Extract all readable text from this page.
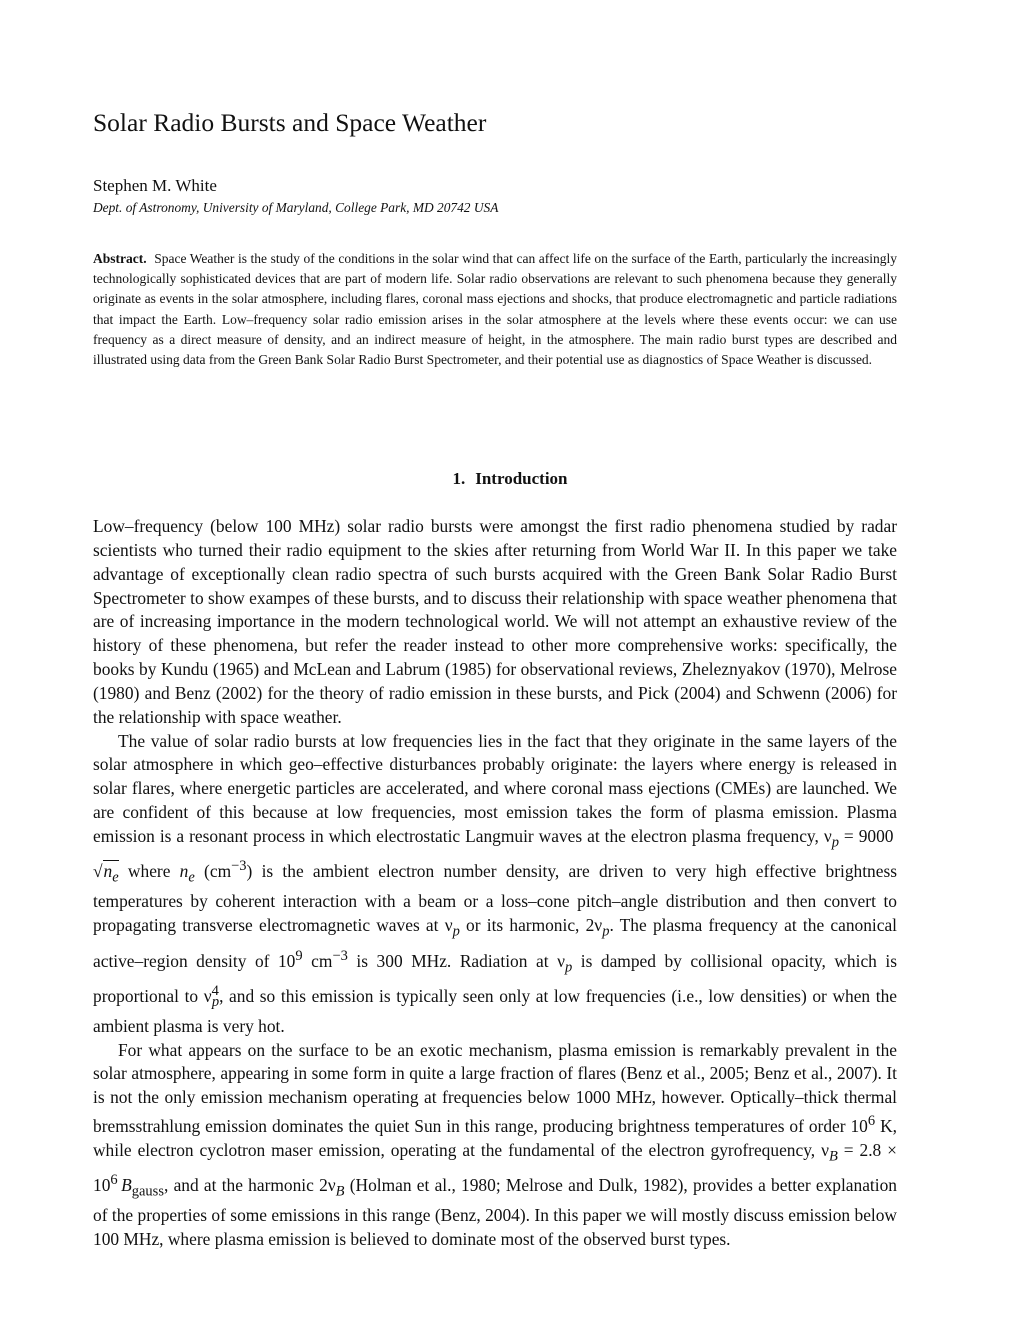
Solar Radio Bursts and Space Weather
Stephen M. White
Dept. of Astronomy, University of Maryland, College Park, MD 20742 USA

Abstract. Space Weather is the study of the conditions in the solar wind that can affect life on the surface of the Earth, particularly the increasingly technologically sophisticated devices that are part of modern life. Solar radio observations are relevant to such phenomena because they generally originate as events in the solar atmosphere, including flares, coronal mass ejections and shocks, that produce electromagnetic and particle radiations that impact the Earth. Low–frequency solar radio emission arises in the solar atmosphere at the levels where these events occur: we can use frequency as a direct measure of density, and an indirect measure of height, in the atmosphere. The main radio burst types are described and illustrated using data from the Green Bank Solar Radio Burst Spectrometer, and their potential use as diagnostics of Space Weather is discussed.

1. Introduction

Low–frequency (below 100 MHz) solar radio bursts were amongst the first radio phenomena studied by radar scientists who turned their radio equipment to the skies after returning from World War II. In this paper we take advantage of exceptionally clean radio spectra of such bursts acquired with the Green Bank Solar Radio Burst Spectrometer to show exampes of these bursts, and to discuss their relationship with space weather phenomena that are of increasing importance in the modern technological world. We will not attempt an exhaustive review of the history of these phenomena, but refer the reader instead to other more comprehensive works: specifically, the books by Kundu (1965) and McLean and Labrum (1985) for observational reviews, Zheleznyakov (1970), Melrose (1980) and Benz (2002) for the theory of radio emission in these bursts, and Pick (2004) and Schwenn (2006) for the relationship with space weather.

The value of solar radio bursts at low frequencies lies in the fact that they originate in the same layers of the solar atmosphere in which geo–effective disturbances probably originate: the layers where energy is released in solar flares, where energetic particles are accelerated, and where coronal mass ejections (CMEs) are launched. We are confident of this because at low frequencies, most emission takes the form of plasma emission. Plasma emission is a resonant process in which electrostatic Langmuir waves at the electron plasma frequency, $\nu_p = 9000$ √ $n_e$ where $n_e$ $(cm^{-3})$ is the ambient electron number density, are driven to very high effective brightness temperatures by coherent interaction with a beam or a loss–cone pitch–angle distribution and then convert to propagating transverse electromagnetic waves at $\nu_p$ or its harmonic, $2\nu_p$. The plasma frequency at the canonical active–region density of $10^9$ $cm^{-3}$ is 300 MHz. Radiation at $\nu_p$ is damped by collisional opacity, which is proportional to $\nu^4_p$, and so this emission is typically seen only at low frequencies (i.e., low densities) or when the ambient plasma is very hot.

For what appears on the surface to be an exotic mechanism, plasma emission is remarkably prevalent in the solar atmosphere, appearing in some form in quite a large fraction of flares (Benz et al., 2005; Benz et al., 2007). It is not the only emission mechanism operating at frequencies below 1000 MHz, however. Optically–thick thermal bremsstrahlung emission dominates the quiet Sun in this range, producing brightness temperatures of order $10^6$ K, while electron cyclotron maser emission, operating at the fundamental of the electron gyrofrequency, $\nu_B = 2.8 \times 10^6$  $B_{gauss}$, and at the harmonic $2\nu_B$ (Holman et al., 1980; Melrose and Dulk, 1982), provides a better explanation of the properties of some emissions in this range (Benz, 2004). In this paper we will mostly discuss emission below 100 MHz, where plasma emission is believed to dominate most of the observed burst types.
